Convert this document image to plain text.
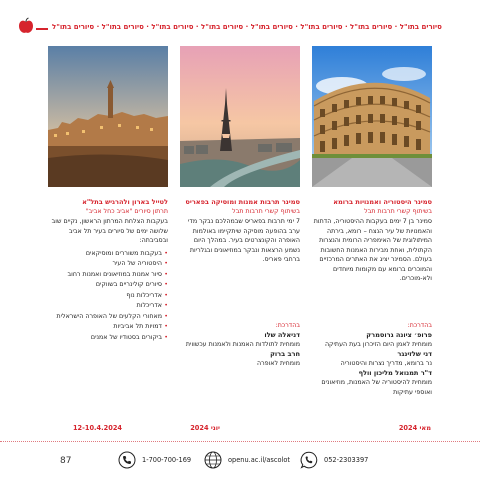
סיורים בתו"ל · סיורים בתו"ל · סיורים בתו"ל · סיורים בתו"ל · סיורים בתו"ל · סיורים בתו"ל · סיורים בתו"ל · סיורים בתו"ל
סמינר היסטוריה ואמנויות ברומא
בשיתוף קשרי תרבות תבל
סמינר בן 7 ימים בעקבות ההיסטוריה, הדתות והאמנויות של עיר הנצח – רומא, בירתה המיתולוגית של האימפריה הרומית והנצרות הקתולית, ואחת מבירות האמנות החשובות בעולם. הסמינר יציג את האתרים המרכזיים והמוכרים ברומא עם מקומות מיוחדים ולא-מוכרים.
בהדרכת:
פרופ׳ ציונה גרוסמרק
מומחית לאמן היום הזיכרון בעת העתיקה
דני שלזינגר
נר ברומא, מדריך נצרות והיסטוריה
ד"ר תמנואל מליכון וולף
מומחית להיסטוריה של האמנות, מוזיאונים ואוספי עתיקות
מאי 2024
סמינר תרבות אמנות ומוסיקה בפאריס
בשיתוף קשרי תרבות תבל
7 ימי תרבות בפאריס שבמהלכם נבקר מדי ערב בהופעה מוסיקה שיתקיימו באולמות האופרה והקונצרטים בעיר. במהלך היום נשמע הרצאות ונבקר במוזיאונים ובגלריות ברחבי פאריס.
בהדרכת:
דניאלה שלו
מומחית לתולדות האמנות ולאמנות עכשווית
חרב ברוק
מומחית לאופרה
יוני 2024
לטייל בארון ולהרגיש בתל"א
תרתון סיורים "אביב כחל אביב"
בעקבות הצלחת המרתון הראשון, נקיים שוב שלושה ימים של סיורים בעיר תל אביב ובסביבתה:
• בעקבות משוררים ומוסיקאים
• היסטוריה של העיר
• סיור אמנות במוזיאונים ואמנות רחוב
• סיורים קולינריים בשווקים
• אדריכלות נוף
• אדריכלות
• מאחורי הקלעים של האופרה הישראלית
• דמויות תל אביביות
• ביקורים בסטודיו של אמנים
12-10.4.2024
87	1-700-700-169	openu.ac.il/ascolot	052-2303397
